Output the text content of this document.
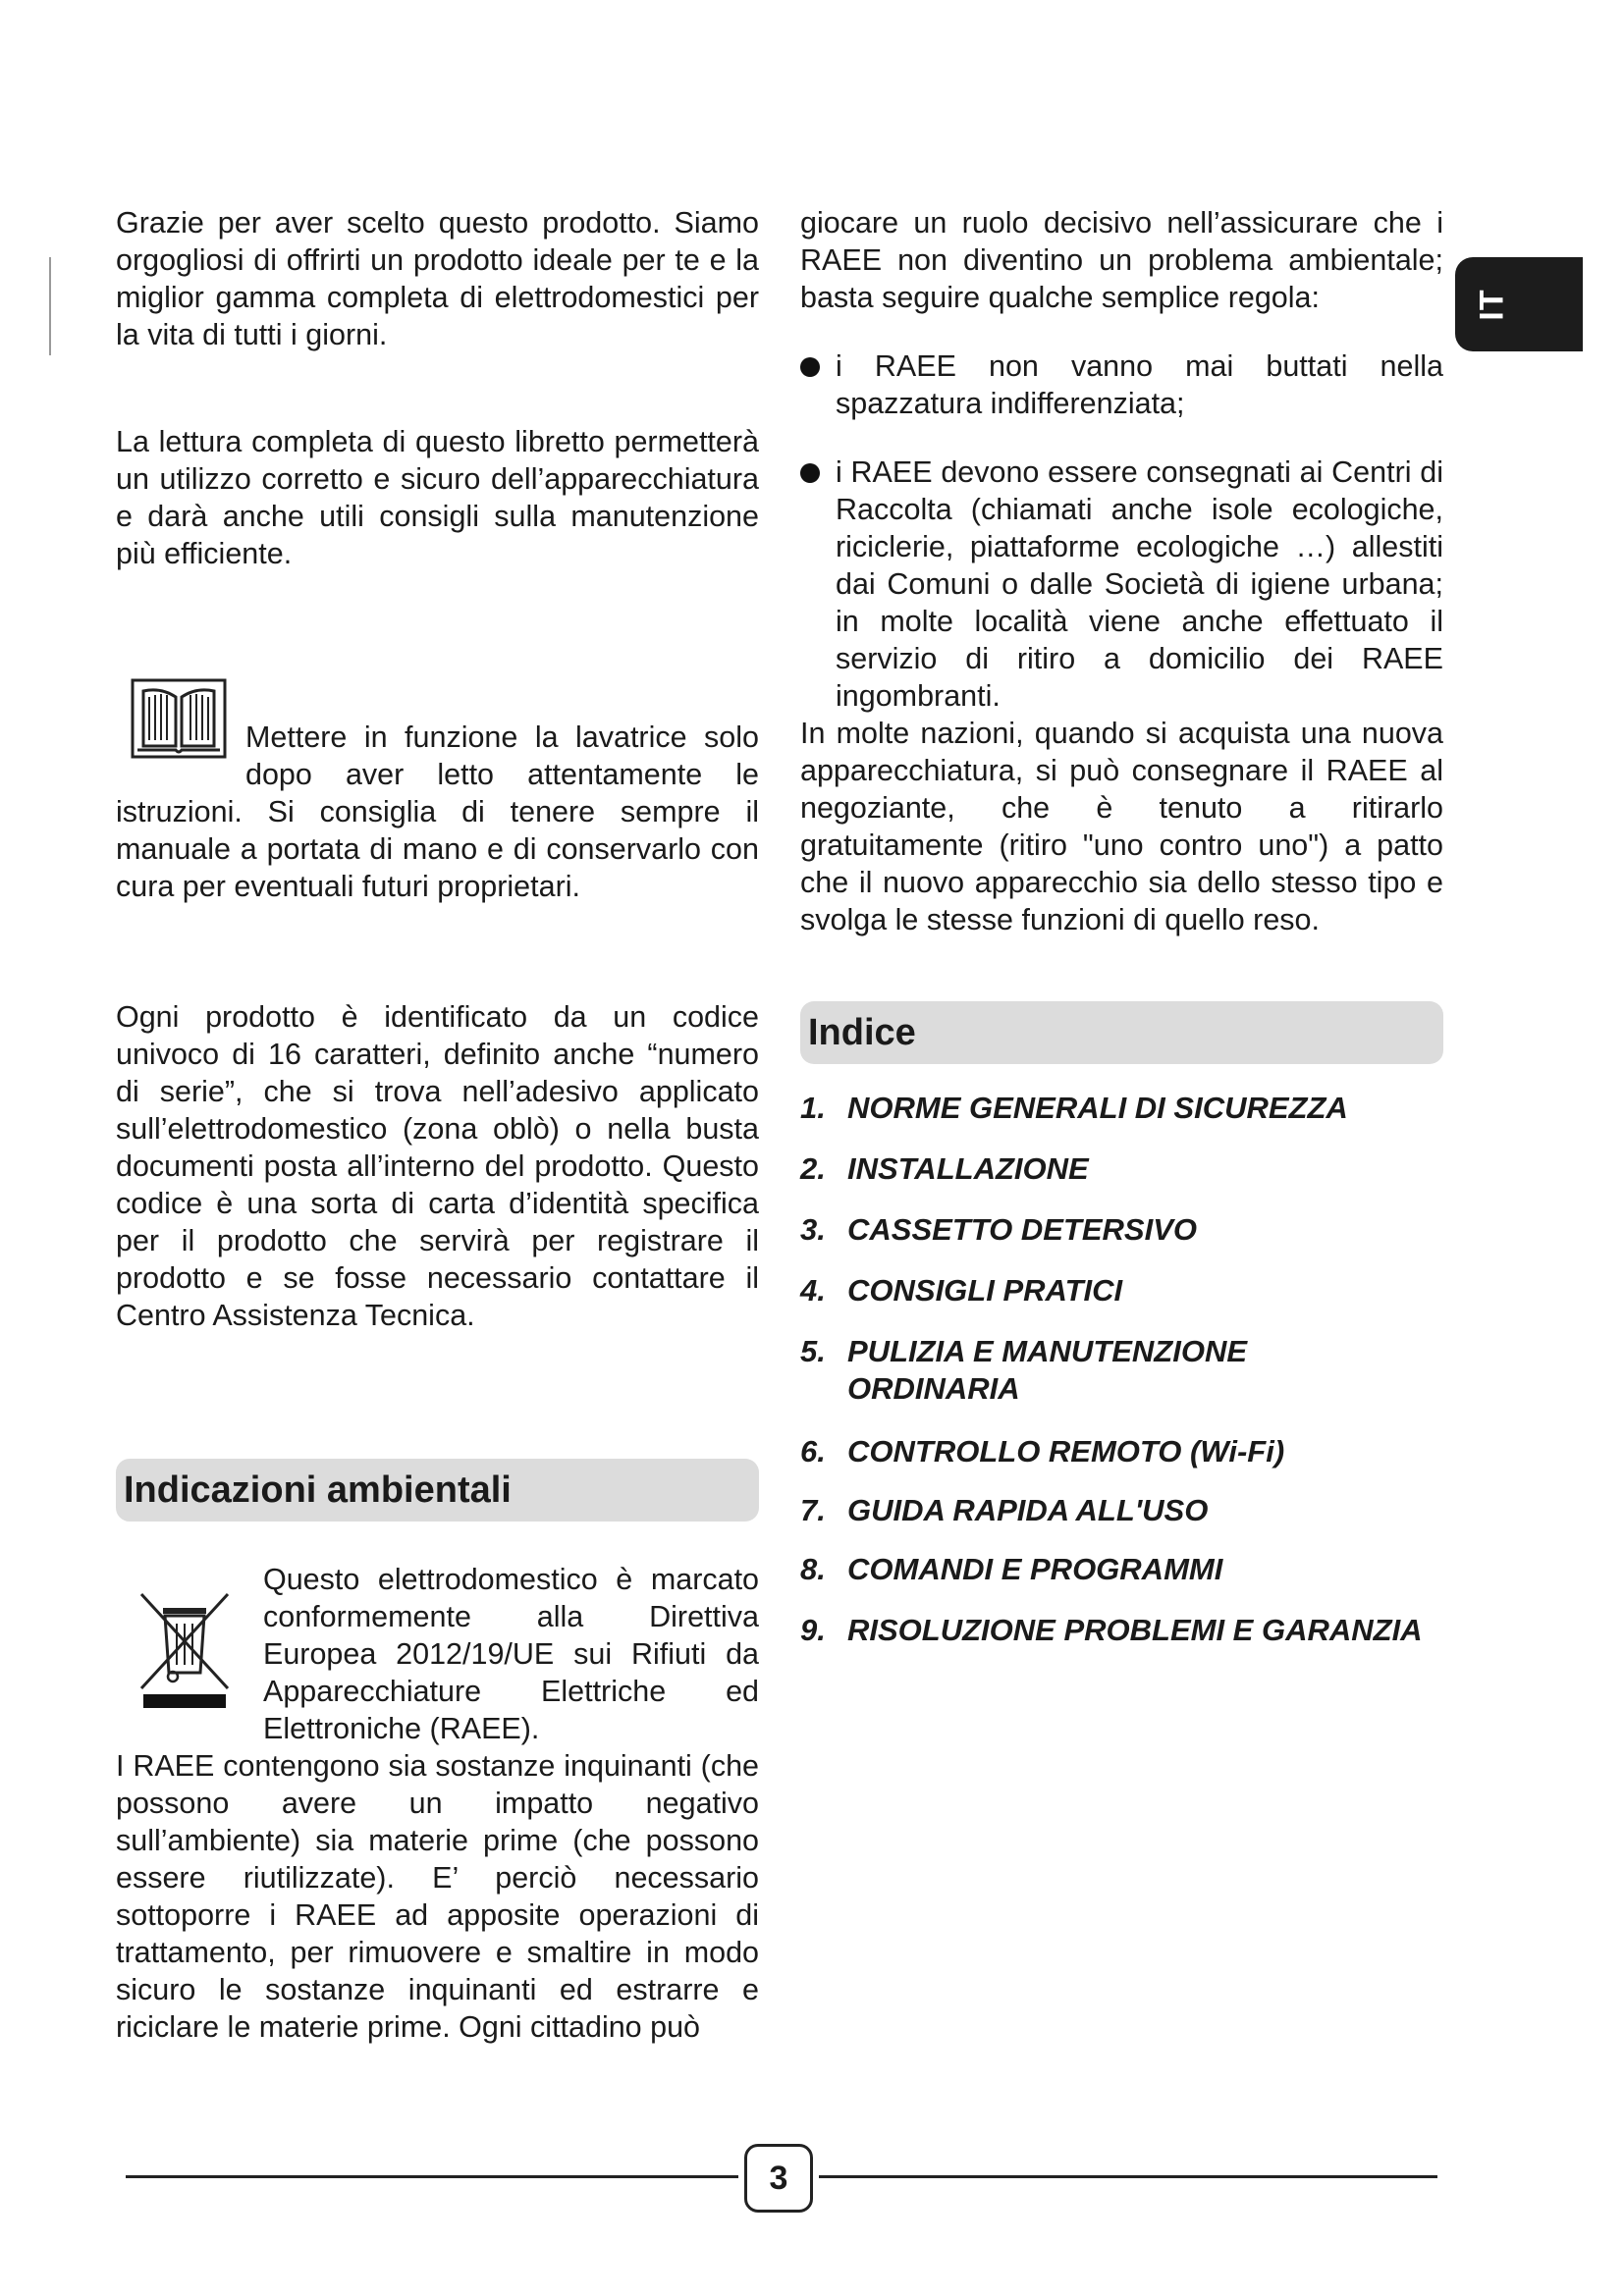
IT

Grazie per aver scelto questo prodotto. Siamo orgogliosi di offrirti un prodotto ideale per te e la miglior gamma completa di elettrodomestici per la vita di tutti i giorni.

La lettura completa di questo libretto permetterà un utilizzo corretto e sicuro dell’apparecchiatura e darà anche utili consigli sulla manutenzione più efficiente.

Mettere in funzione la lavatrice solo dopo aver letto attentamente le istruzioni. Si consiglia di tenere sempre il manuale a portata di mano e di conservarlo con cura per eventuali futuri proprietari.

Ogni prodotto è identificato da un codice univoco di 16 caratteri, definito anche “numero di serie”, che si trova nell’adesivo applicato sull’elettrodomestico (zona oblò) o nella busta documenti posta all’interno del prodotto. Questo codice è una sorta di carta d’identità specifica per il prodotto che servirà per registrare il prodotto e se fosse necessario contattare il Centro Assistenza Tecnica.

Indicazioni ambientali

Questo elettrodomestico è marcato conformemente alla Direttiva Europea 2012/19/UE sui Rifiuti da Apparecchiature Elettriche ed Elettroniche (RAEE).

I RAEE contengono sia sostanze inquinanti (che possono avere un impatto negativo sull’ambiente) sia materie prime (che possono essere riutilizzate). E’ perciò necessario sottoporre i RAEE ad apposite operazioni di trattamento, per rimuovere e smaltire in modo sicuro le sostanze inquinanti ed estrarre e riciclare le materie prime. Ogni cittadino può

giocare un ruolo decisivo nell’assicurare che i RAEE non diventino un problema ambientale; basta seguire qualche semplice regola:

i RAEE non vanno mai buttati nella spazzatura indifferenziata;
i RAEE devono essere consegnati ai Centri di Raccolta (chiamati anche isole ecologiche, riciclerie, piattaforme ecologiche …) allestiti dai Comuni o dalle Società di igiene urbana; in molte località viene anche effettuato il servizio di ritiro a domicilio dei RAEE ingombranti.

In molte nazioni, quando si acquista una nuova apparecchiatura, si può consegnare il RAEE al negoziante, che è tenuto a ritirarlo gratuitamente (ritiro "uno contro uno") a patto che il nuovo apparecchio sia dello stesso tipo e svolga le stesse funzioni di quello reso.

Indice
1. NORME GENERALI DI SICUREZZA
2. INSTALLAZIONE
3. CASSETTO DETERSIVO
4. CONSIGLI PRATICI
5. PULIZIA E MANUTENZIONE ORDINARIA
6. CONTROLLO REMOTO (Wi-Fi)
7. GUIDA RAPIDA ALL'USO
8. COMANDI E PROGRAMMI
9. RISOLUZIONE PROBLEMI E GARANZIA
3
